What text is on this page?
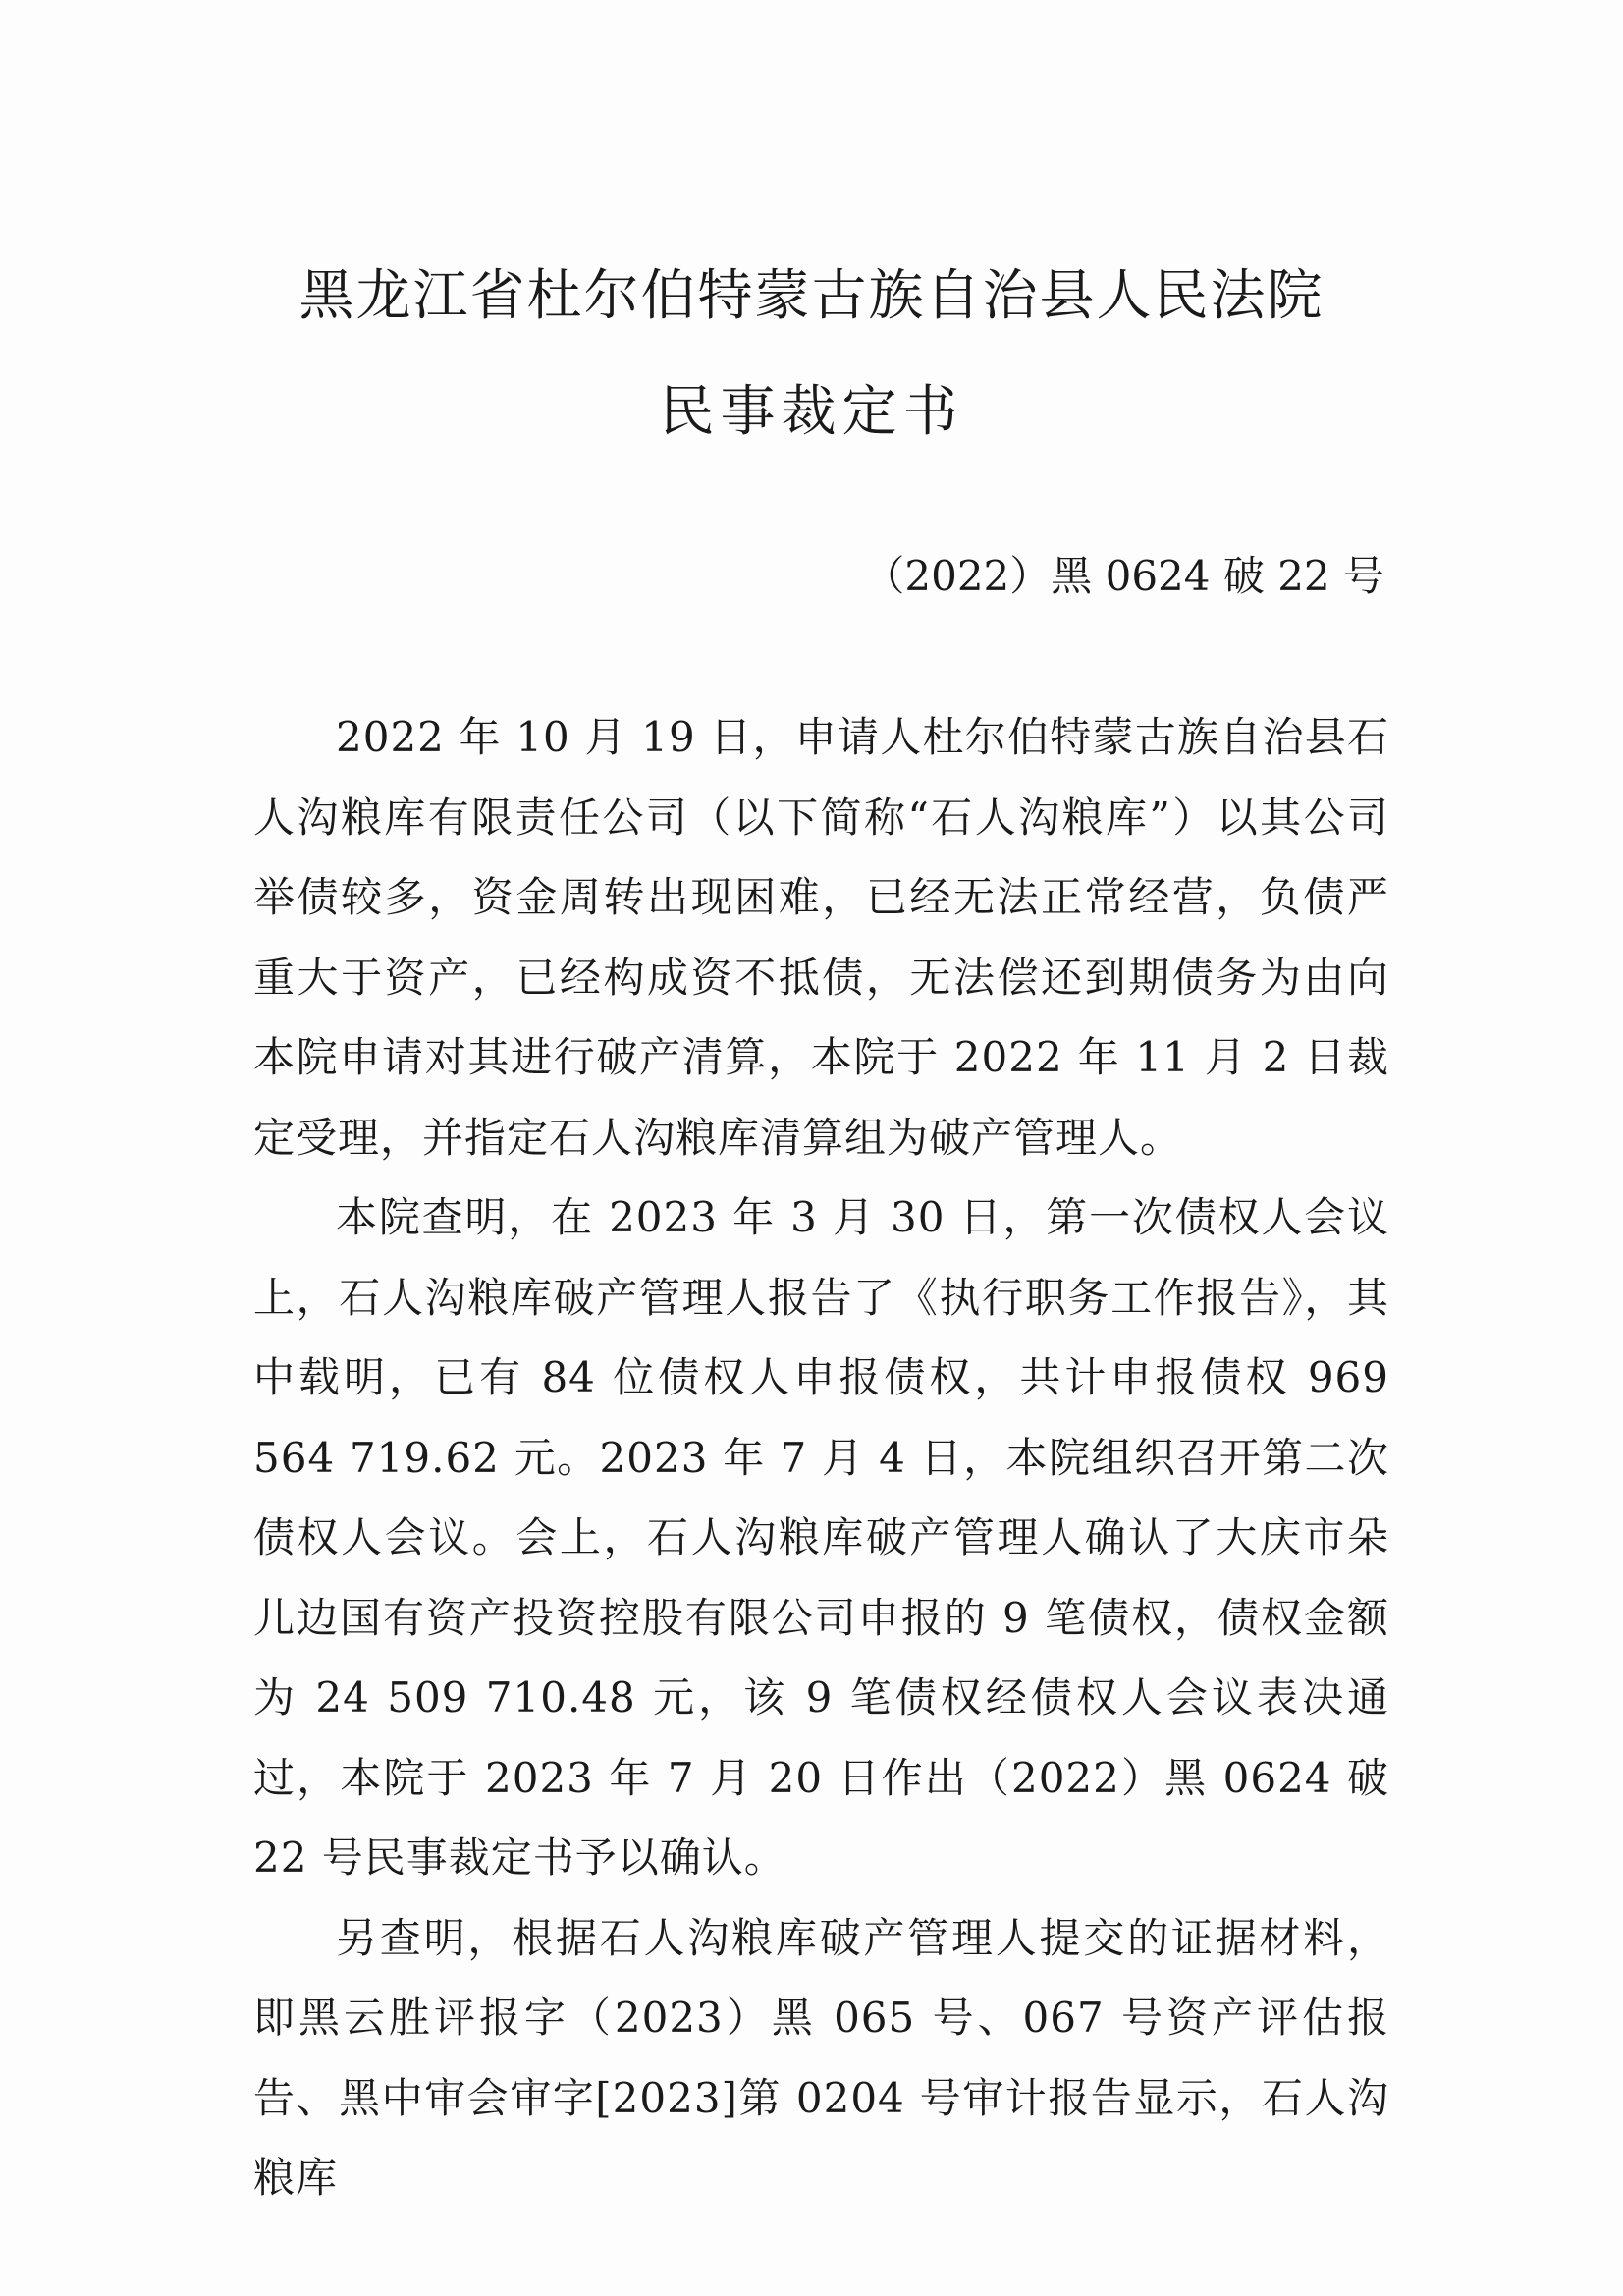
黑龙江省杜尔伯特蒙古族自治县人民法院
民事裁定书
（2022）黑 0624 破 22 号

2022 年 10 月 19 日，申请人杜尔伯特蒙古族自治县石人沟粮库有限责任公司（以下简称“石人沟粮库”）以其公司举债较多，资金周转出现困难，已经无法正常经营，负债严重大于资产，已经构成资不抵债，无法偿还到期债务为由向本院申请对其进行破产清算，本院于 2022 年 11 月 2 日裁定受理，并指定石人沟粮库清算组为破产管理人。

本院查明，在 2023 年 3 月 30 日，第一次债权人会议上，石人沟粮库破产管理人报告了《执行职务工作报告》，其中载明，已有 84 位债权人申报债权，共计申报债权 969 564 719.62 元。2023 年 7 月 4 日，本院组织召开第二次债权人会议。会上，石人沟粮库破产管理人确认了大庆市朵儿边国有资产投资控股有限公司申报的 9 笔债权，债权金额为 24 509 710.48 元，该 9 笔债权经债权人会议表决通过，本院于 2023 年 7 月 20 日作出（2022）黑 0624 破 22 号民事裁定书予以确认。

另查明，根据石人沟粮库破产管理人提交的证据材料，即黑云胜评报字（2023）黑 065 号、067 号资产评估报告、黑中审会审字[2023]第 0204 号审计报告显示，石人沟粮库
